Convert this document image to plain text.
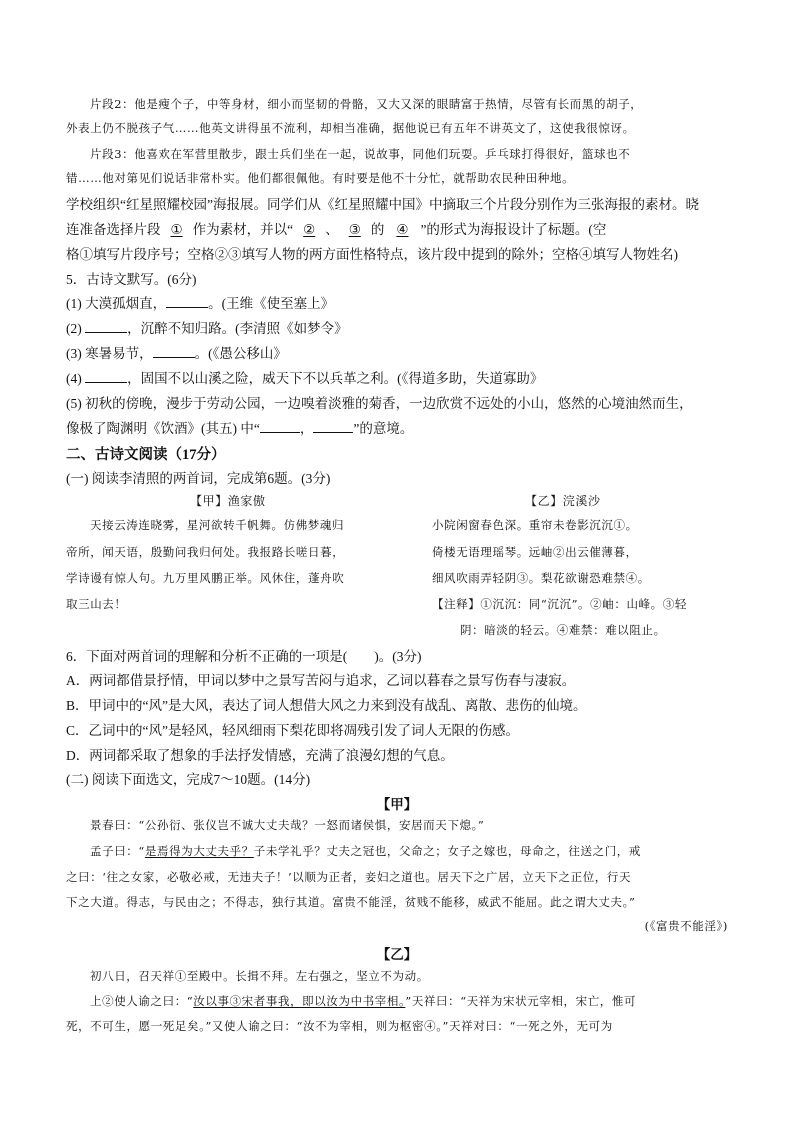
片段2：他是瘦个子，中等身材，细小而坚韧的骨骼，又大又深的眼睛富于热情，尽管有长而黑的胡子，
外表上仍不脱孩子气……他英文讲得虽不流利，却相当准确，据他说已有五年不讲英文了，这使我很惊讶。
片段3：他喜欢在军营里散步，跟士兵们坐在一起，说故事，同他们玩耍。乒乓球打得很好，篮球也不
错……他对第见们说话非常朴实。他们都很佩他。有时要是他不十分忙，就帮助农民种田种地。
学校组织“红星照耀校园”海报展。同学们从《红星照耀中国》中摘取三个片段分别作为三张海报的素材。晓
连准备选择片段 ① 作为素材，并以“ ② 、 ③ 的 ④ ”的形式为海报设计了标题。(空
格①填写片段序号；空格②③填写人物的两方面性格特点，该片段中提到的除外；空格④填写人物姓名)
5．古诗文默写。(6分)
(1) 大漠孤烟直，	。(王维《使至塞上》
(2)	，沉醉不知归路。(李清照《如梦令》
(3) 寒暑易节，	。(《愚公移山》
(4)	，固国不以山溪之险，威天下不以兵革之利。(《得道多助，失道寡助》
(5) 初秋的傍晚，漫步于劳动公园，一边嗅着淡雅的菊香，一边欣赏不远处的小山，悠然的心境油然而生，
像极了陶渊明《饮酒》(其五) 中“	，	”的意境。
二、古诗文阅读（17分）
(一) 阅读李清照的两首词，完成第6题。(3分)
【甲】渔家傲
天接云涛连晓雾，星河欲转千帆舞。仿佛梦魂归
帝所，闻天语，殷勤问我归何处。我报路长嗟日暮，
学诗谩有惊人句。九万里风鹏正举。风休住，蓬舟吹
取三山去！
【乙】浣溪沙
小院闲窗春色深。重帘未卷影沉沉①。
倚楼无语理瑶琴。远岫②出云催薄暮，
细风吹雨弄轻阴③。梨花欲谢恐难禁④。
【注释】①沉沉：同“沉沉”。②岫：山峰。③轻
阴：暗淡的轻云。④难禁：难以阻止。
6．下面对两首词的理解和分析不正确的一项是(　　)。(3分)
A．两词都借景抒情，甲词以梦中之景写苦闷与追求，乙词以暮春之景写伤春与凄寂。
B．甲词中的“风”是大风，表达了词人想借大风之力来到没有战乱、离散、悲伤的仙境。
C．乙词中的“风”是轻风，轻风细雨下梨花即将凋残引发了词人无限的伤感。
D．两词都采取了想象的手法抒发情感，充满了浪漫幻想的气息。
(二) 阅读下面选文，完成7～10题。(14分)
【甲】
景春曰：“公孙衍、张仪岂不诚大丈夫哉？一怒而诸侯惧，安居而天下熄。”
孟子曰：“是焉得为大丈夫乎？子未学礼乎？丈夫之冠也，父命之；女子之嫁也，母命之，往送之门，戒
之曰：‘往之女家，必敬必戒，无违夫子！’以顺为正者，妾妇之道也。居天下之广居，立天下之正位，行天
下之大道。得志，与民由之；不得志，独行其道。富贵不能淫，贫贱不能移，威武不能屈。此之谓大丈夫。”
(《富贵不能淫》)
【乙】
初八日，召天祥①至殿中。长揖不拜。左右强之，坚立不为动。
上②使人谕之曰：“汝以事③宋者事我，即以汝为中书宰相。”天祥曰：“天祥为宋状元宰相，宋亡，惟可
死，不可生，愿一死足矣。”又使人谕之曰：“汝不为宰相，则为枢密④。”天祥对曰：“一死之外，无可为
